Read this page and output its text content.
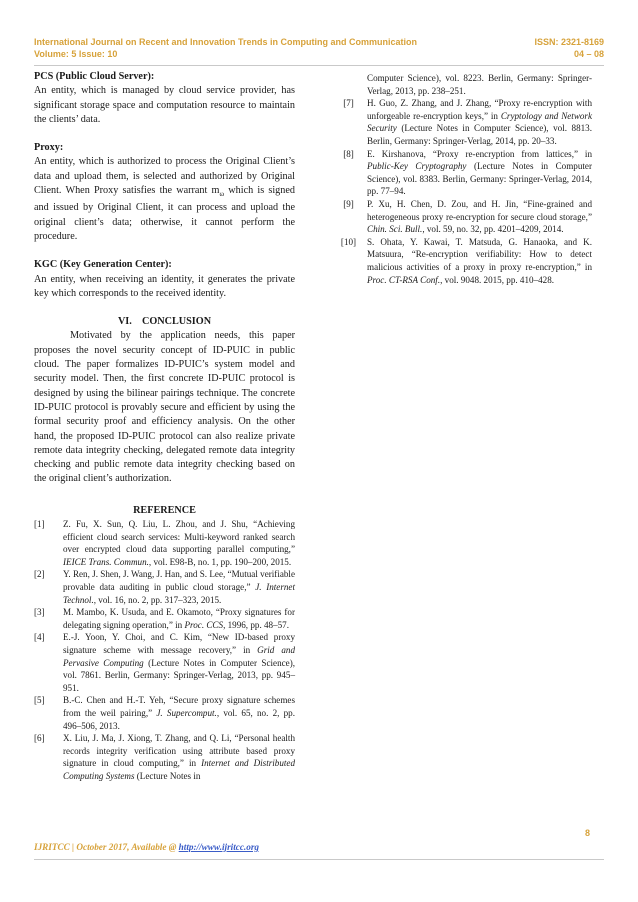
International Journal on Recent and Innovation Trends in Computing and Communication	ISSN: 2321-8169
Volume: 5 Issue: 10	04 – 08

PCS (Public Cloud Server):

An entity, which is managed by cloud service provider, has significant storage space and computation resource to maintain the clients’ data.

Proxy:

An entity, which is authorized to process the Original Client’s data and upload them, is selected and authorized by Original Client. When Proxy satisfies the warrant $m_\omega$ which is signed and issued by Original Client, it can process and upload the original client’s data; otherwise, it cannot perform the procedure.

KGC (Key Generation Center):

An entity, when receiving an identity, it generates the private key which corresponds to the received identity.

VI. CONCLUSION

Motivated by the application needs, this paper proposes the novel security concept of ID-PUIC in public cloud. The paper formalizes ID-PUIC’s system model and security model. Then, the first concrete ID-PUIC protocol is designed by using the bilinear pairings technique. The concrete ID-PUIC protocol is provably secure and efficient by using the formal security proof and efficiency analysis. On the other hand, the proposed ID-PUIC protocol can also realize private remote data integrity checking, delegated remote data integrity checking and public remote data integrity checking based on the original client’s authorization.

REFERENCE

[1]	Z. Fu, X. Sun, Q. Liu, L. Zhou, and J. Shu, “Achieving efficient cloud search services: Multi-keyword ranked search over encrypted cloud data supporting parallel computing,” IEICE Trans. Commun., vol. E98-B, no. 1, pp. 190–200, 2015.
[2]	Y. Ren, J. Shen, J. Wang, J. Han, and S. Lee, “Mutual verifiable provable data auditing in public cloud storage,” J. Internet Technol., vol. 16, no. 2, pp. 317–323, 2015.
[3]	M. Mambo, K. Usuda, and E. Okamoto, “Proxy signatures for delegating signing operation,” in Proc. CCS, 1996, pp. 48–57.
[4]	E.-J. Yoon, Y. Choi, and C. Kim, “New ID-based proxy signature scheme with message recovery,” in Grid and Pervasive Computing (Lecture Notes in Computer Science), vol. 7861. Berlin, Germany: Springer-Verlag, 2013, pp. 945–951.
[5]	B.-C. Chen and H.-T. Yeh, “Secure proxy signature schemes from the weil pairing,” J. Supercomput., vol. 65, no. 2, pp. 496–506, 2013.
[6]	X. Liu, J. Ma, J. Xiong, T. Zhang, and Q. Li, “Personal health records integrity verification using attribute based proxy signature in cloud computing,” in Internet and Distributed Computing Systems (Lecture Notes in

Computer Science), vol. 8223. Berlin, Germany: Springer-Verlag, 2013, pp. 238–251.

[7]	H. Guo, Z. Zhang, and J. Zhang, “Proxy re-encryption with unforgeable re-encryption keys,” in Cryptology and Network Security (Lecture Notes in Computer Science), vol. 8813. Berlin, Germany: Springer-Verlag, 2014, pp. 20–33.
[8]	E. Kirshanova, “Proxy re-encryption from lattices,” in Public-Key Cryptography (Lecture Notes in Computer Science), vol. 8383. Berlin, Germany: Springer-Verlag, 2014, pp. 77–94.
[9]	P. Xu, H. Chen, D. Zou, and H. Jin, “Fine-grained and heterogeneous proxy re-encryption for secure cloud storage,” Chin. Sci. Bull., vol. 59, no. 32, pp. 4201–4209, 2014.
[10]	S. Ohata, Y. Kawai, T. Matsuda, G. Hanaoka, and K. Matsuura, “Re-encryption verifiability: How to detect malicious activities of a proxy in proxy re-encryption,” in Proc. CT-RSA Conf., vol. 9048. 2015, pp. 410–428.
8
IJRITCC | October 2017, Available @ http://www.ijritcc.org
